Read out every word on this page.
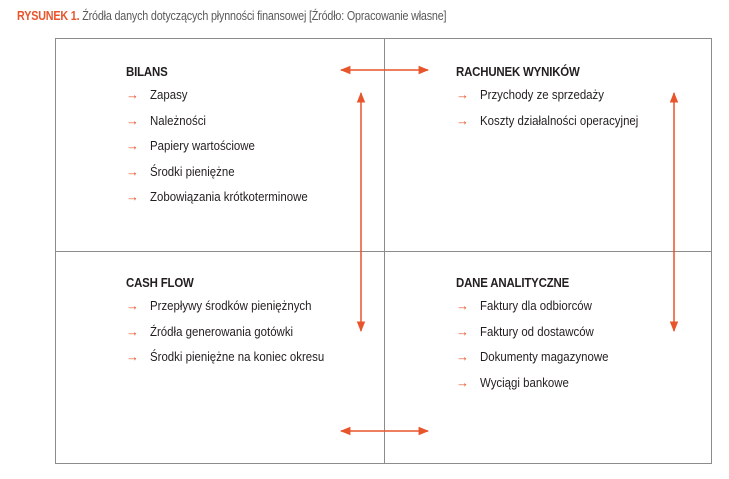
RYSUNEK 1. Źródła danych dotyczących płynności finansowej [Źródło: Opracowanie własne]
BILANS
→ Zapasy
→ Należności
→ Papiery wartościowe
→ Środki pieniężne
→ Zobowiązania krótkoterminowe
RACHUNEK WYNIKÓW
→ Przychody ze sprzedaży
→ Koszty działalności operacyjnej
CASH FLOW
→ Przepływy środków pieniężnych
→ Źródła generowania gotówki
→ Środki pieniężne na koniec okresu
DANE ANALITYCZNE
→ Faktury dla odbiorców
→ Faktury od dostawców
→ Dokumenty magazynowe
→ Wyciągi bankowe
